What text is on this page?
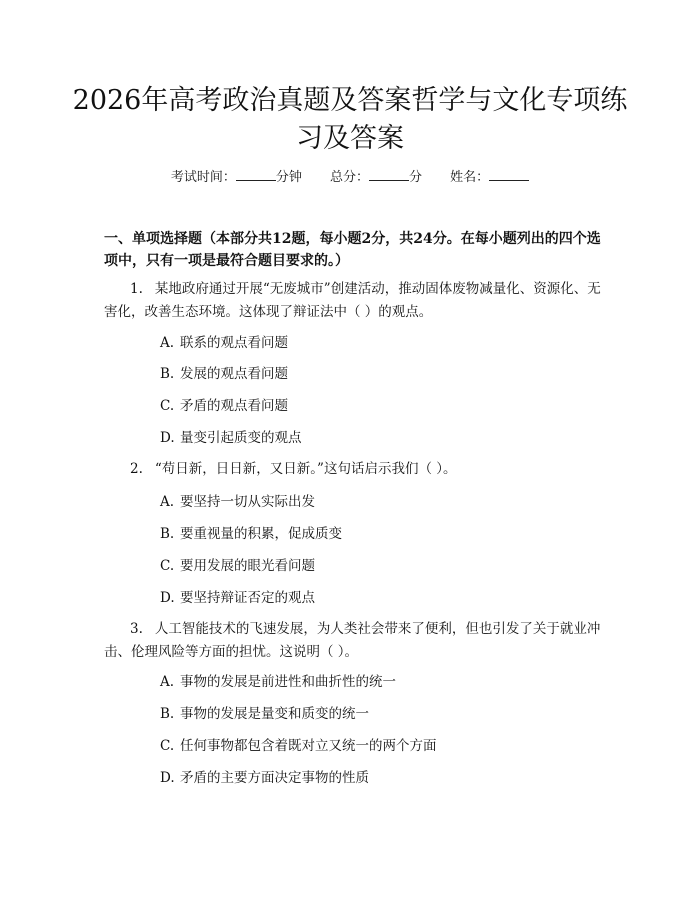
2026年高考政治真题及答案哲学与文化专项练习及答案
考试时间：	分钟 总分：	分 姓名：
一、单项选择题（本部分共12题，每小题2分，共24分。在每小题列出的四个选项中，只有一项是最符合题目要求的。）
1. 某地政府通过开展“无废城市”创建活动，推动固体废物减量化、资源化、无害化，改善生态环境。这体现了辩证法中（ ）的观点。
A. 联系的观点看问题
B. 发展的观点看问题
C. 矛盾的观点看问题
D. 量变引起质变的观点
2. “苟日新，日日新，又日新。”这句话启示我们（ ）。
A. 要坚持一切从实际出发
B. 要重视量的积累，促成质变
C. 要用发展的眼光看问题
D. 要坚持辩证否定的观点
3. 人工智能技术的飞速发展，为人类社会带来了便利，但也引发了关于就业冲击、伦理风险等方面的担忧。这说明（ ）。
A. 事物的发展是前进性和曲折性的统一
B. 事物的发展是量变和质变的统一
C. 任何事物都包含着既对立又统一的两个方面
D. 矛盾的主要方面决定事物的性质
